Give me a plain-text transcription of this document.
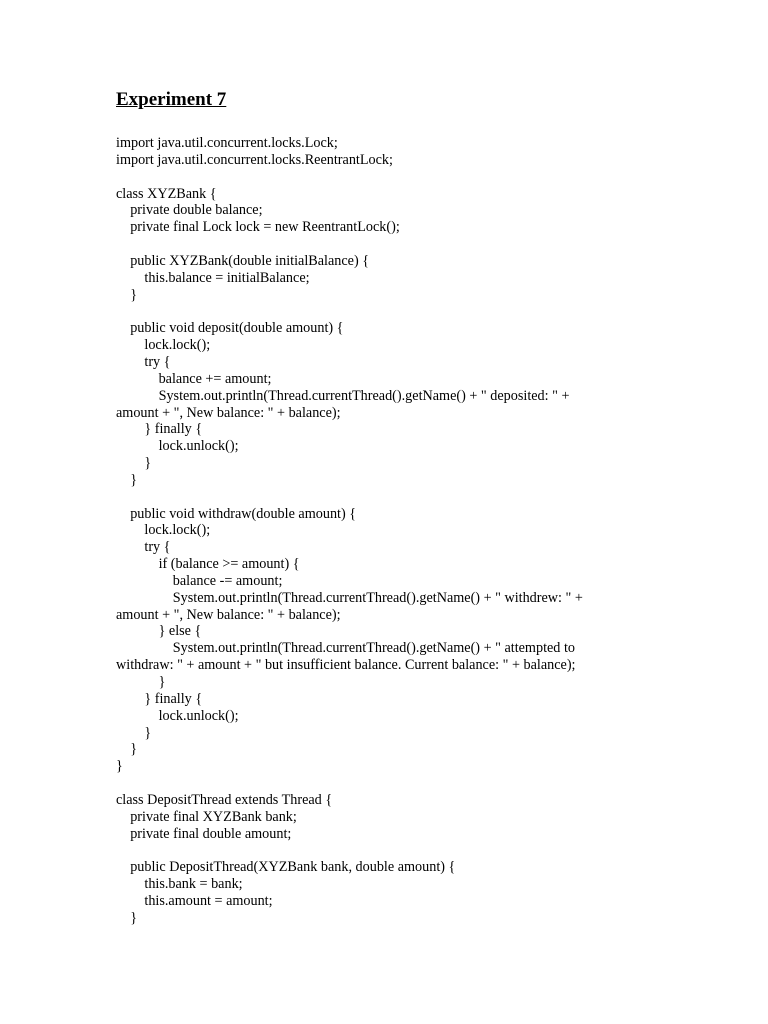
Experiment 7
import java.util.concurrent.locks.Lock;
import java.util.concurrent.locks.ReentrantLock;
class XYZBank {
private double balance;
private final Lock lock = new ReentrantLock();
public XYZBank(double initialBalance) {
this.balance = initialBalance;
}
public void deposit(double amount) {
lock.lock();
try {
balance += amount;
System.out.println(Thread.currentThread().getName() + " deposited: " +
amount + ", New balance: " + balance);
} finally {
lock.unlock();
}
}
public void withdraw(double amount) {
lock.lock();
try {
if (balance >= amount) {
balance -= amount;
System.out.println(Thread.currentThread().getName() + " withdrew: " +
amount + ", New balance: " + balance);
} else {
System.out.println(Thread.currentThread().getName() + " attempted to
withdraw: " + amount + " but insufficient balance. Current balance: " + balance);
}
} finally {
lock.unlock();
}
}
}
class DepositThread extends Thread {
private final XYZBank bank;
private final double amount;
public DepositThread(XYZBank bank, double amount) {
this.bank = bank;
this.amount = amount;
}
